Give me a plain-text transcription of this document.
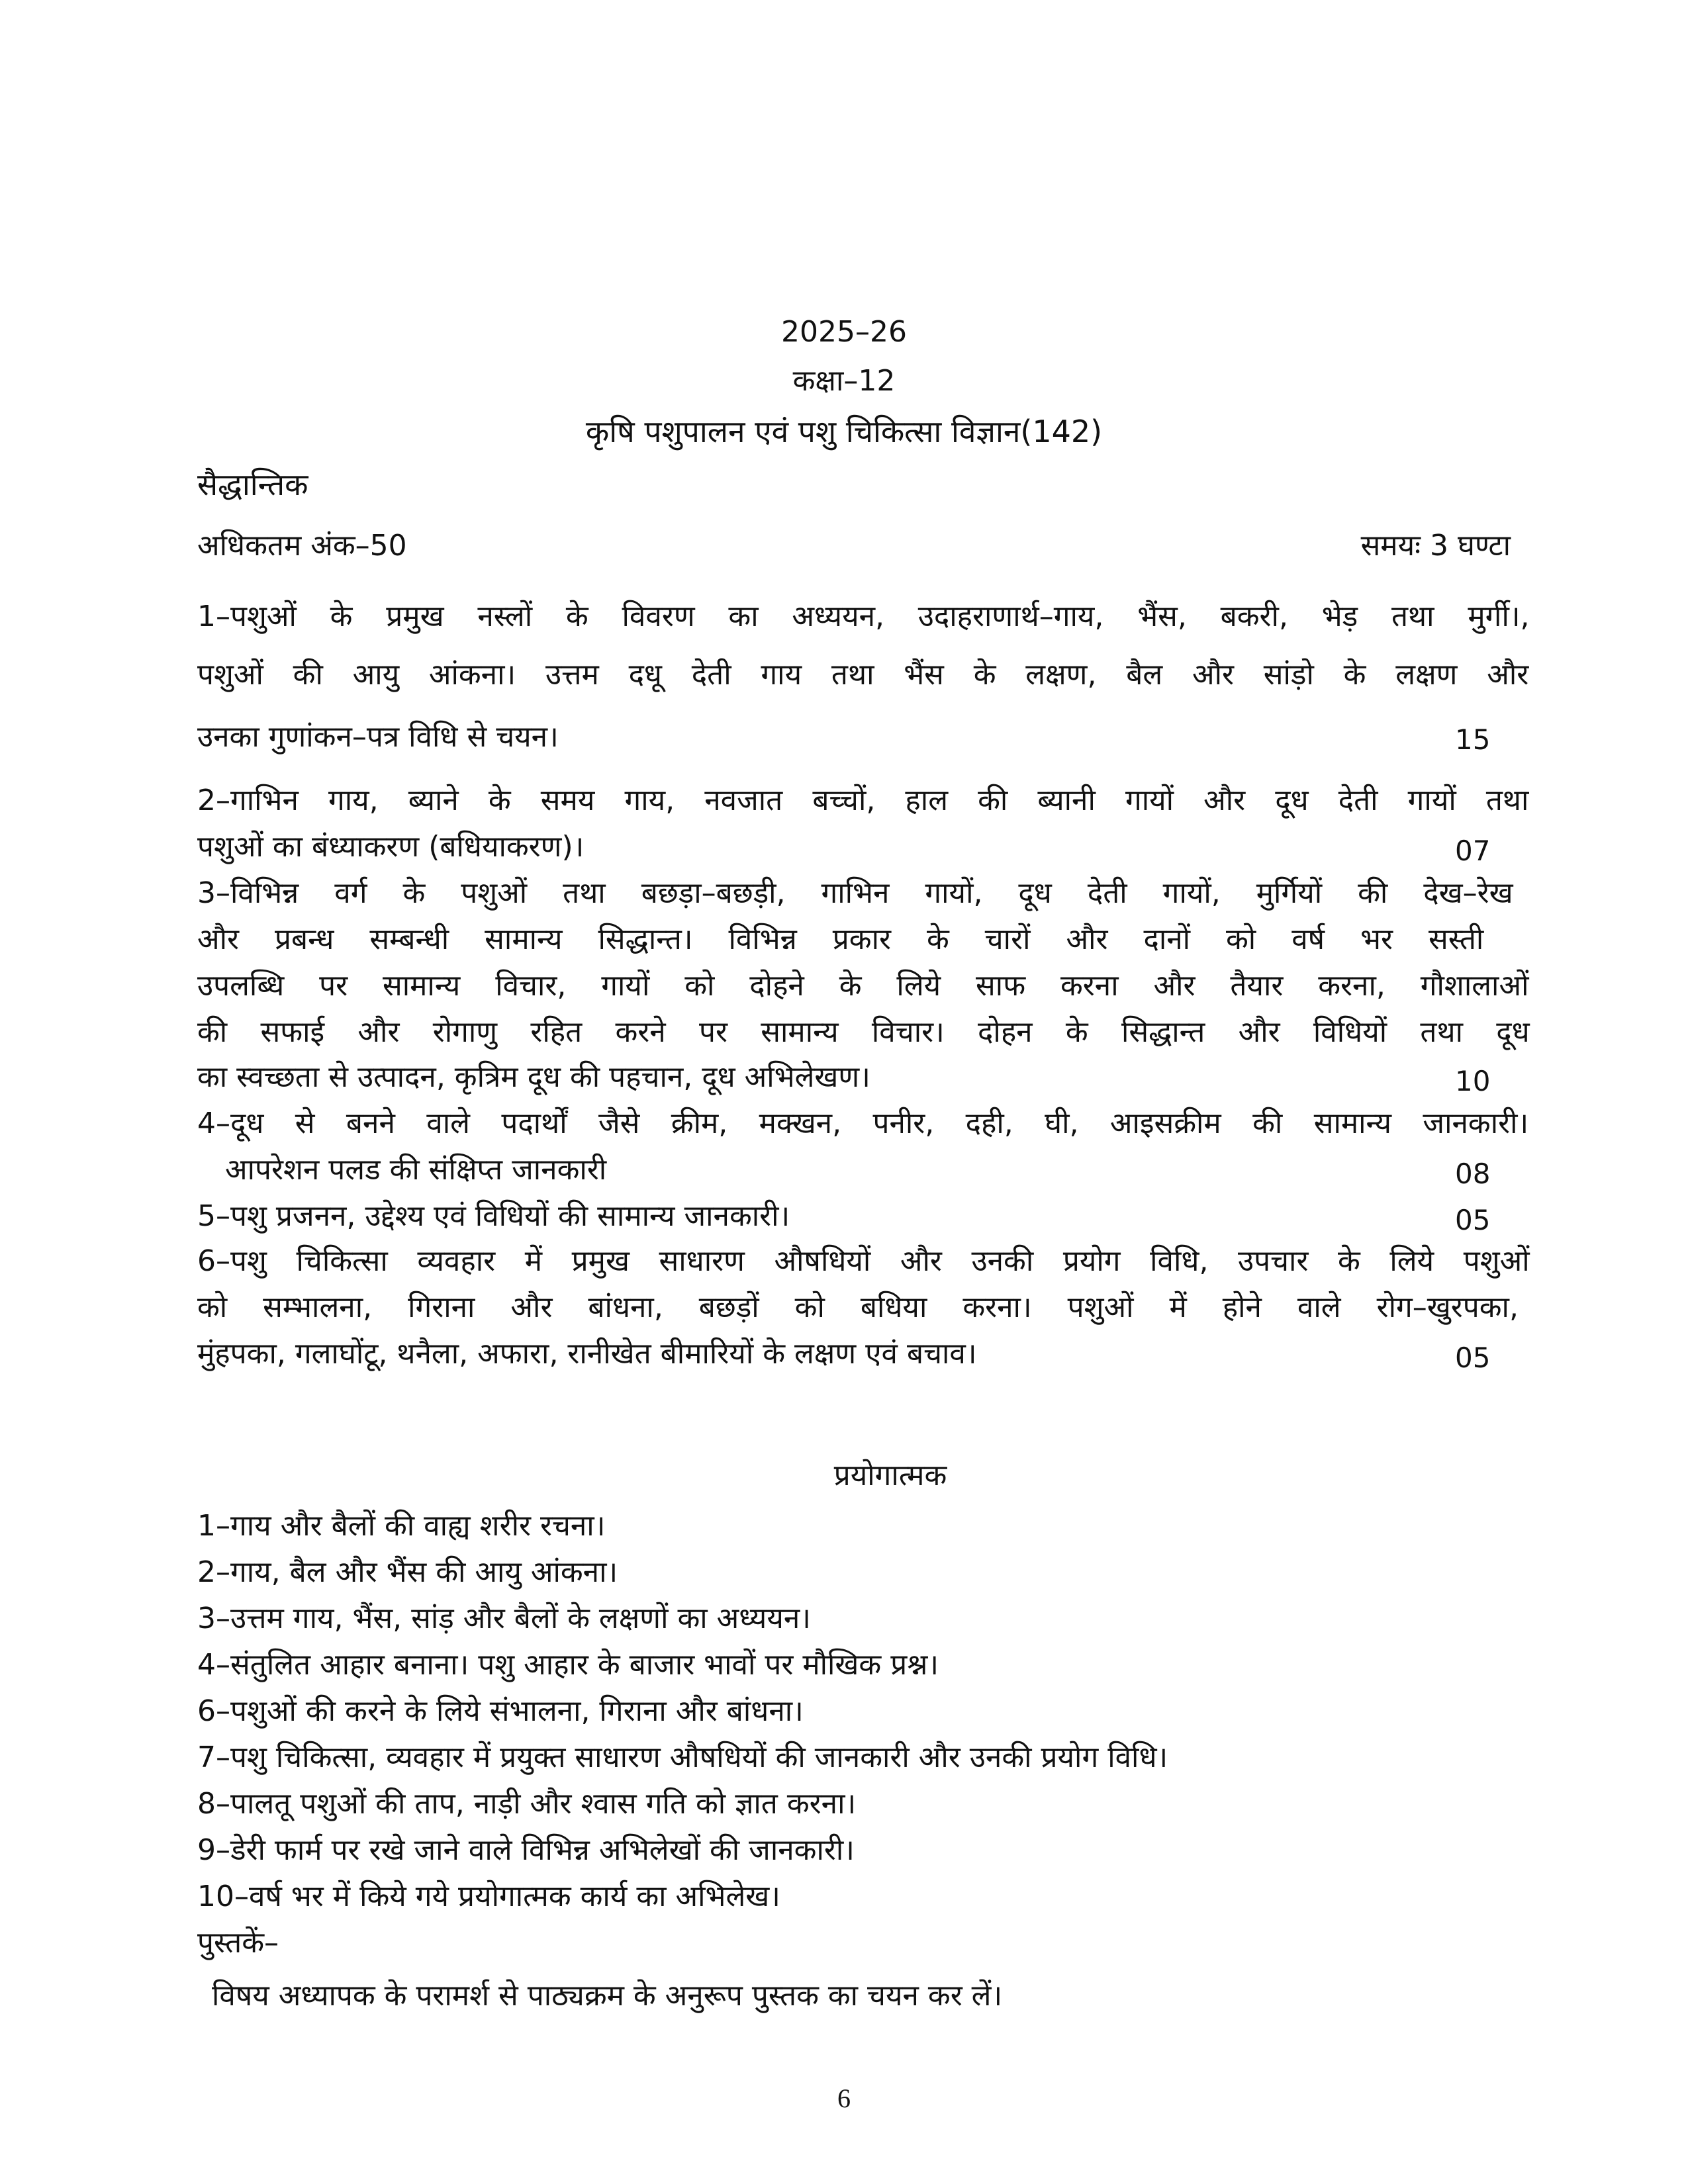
2025–26
कक्षा–12
कृषि पशुपालन एवं पशु चिकित्सा विज्ञान(142)
सैद्धान्तिक
अधिकतम अंक–50	समयः 3 घण्टा
1–पशुओं के प्रमुख नस्लों के विवरण का अध्ययन, उदाहराणार्थ–गाय, भैंस, बकरी, भेड़ तथा मुर्गी।,
पशुओं की आयु आंकना। उत्तम दधू देती गाय तथा भैंस के लक्षण, बैल और सांड़ो के लक्षण और
उनका गुणांकन–पत्र विधि से चयन।	15
2–गाभिन गाय, ब्याने के समय गाय, नवजात बच्चों, हाल की ब्यानी गायों और दूध देती गायों तथा
पशुओं का बंध्याकरण (बधियाकरण)।	07
3–विभिन्न वर्ग के पशुओं तथा बछड़ा–बछड़ी, गाभिन गायों, दूध देती गायों, मुर्गियों की देख–रेख
और प्रबन्ध सम्बन्धी सामान्य सिद्धान्त। विभिन्न प्रकार के चारों और दानों को वर्ष भर सस्ती
उपलब्धि पर सामान्य विचार, गायों को दोहने के लिये साफ करना और तैयार करना, गौशालाओं
की सफाई और रोगाणु रहित करने पर सामान्य विचार। दोहन के सिद्धान्त और विधियों तथा दूध
का स्वच्छता से उत्पादन, कृत्रिम दूध की पहचान, दूध अभिलेखण।	10
4–दूध से बनने वाले पदार्थों जैसे क्रीम, मक्खन, पनीर, दही, घी, आइसक्रीम की सामान्य जानकारी।
आपरेशन पलड की संक्षिप्त जानकारी	08
5–पशु प्रजनन, उद्देश्य एवं विधियों की सामान्य जानकारी।	05
6–पशु चिकित्सा व्यवहार में प्रमुख साधारण औषधियों और उनकी प्रयोग विधि, उपचार के लिये पशुओं
को सम्भालना, गिराना और बांधना, बछड़ों को बधिया करना। पशुओं में होने वाले रोग–खुरपका,
मुंहपका, गलाघोंटू, थनैला, अफारा, रानीखेत बीमारियों के लक्षण एवं बचाव।	05
प्रयोगात्मक
1–गाय और बैलों की वाह्य शरीर रचना।
2–गाय, बैल और भैंस की आयु आंकना।
3–उत्तम गाय, भैंस, सांड़ और बैलों के लक्षणों का अध्ययन।
4–संतुलित आहार बनाना। पशु आहार के बाजार भावों पर मौखिक प्रश्न।
6–पशुओं की करने के लिये संभालना, गिराना और बांधना।
7–पशु चिकित्सा, व्यवहार में प्रयुक्त साधारण औषधियों की जानकारी और उनकी प्रयोग विधि।
8–पालतू पशुओं की ताप, नाड़ी और श्वास गति को ज्ञात करना।
9–डेरी फार्म पर रखे जाने वाले विभिन्न अभिलेखों की जानकारी।
10–वर्ष भर में किये गये प्रयोगात्मक कार्य का अभिलेख।
पुस्तकें–
विषय अध्यापक के परामर्श से पाठ्यक्रम के अनुरूप पुस्तक का चयन कर लें।
6
